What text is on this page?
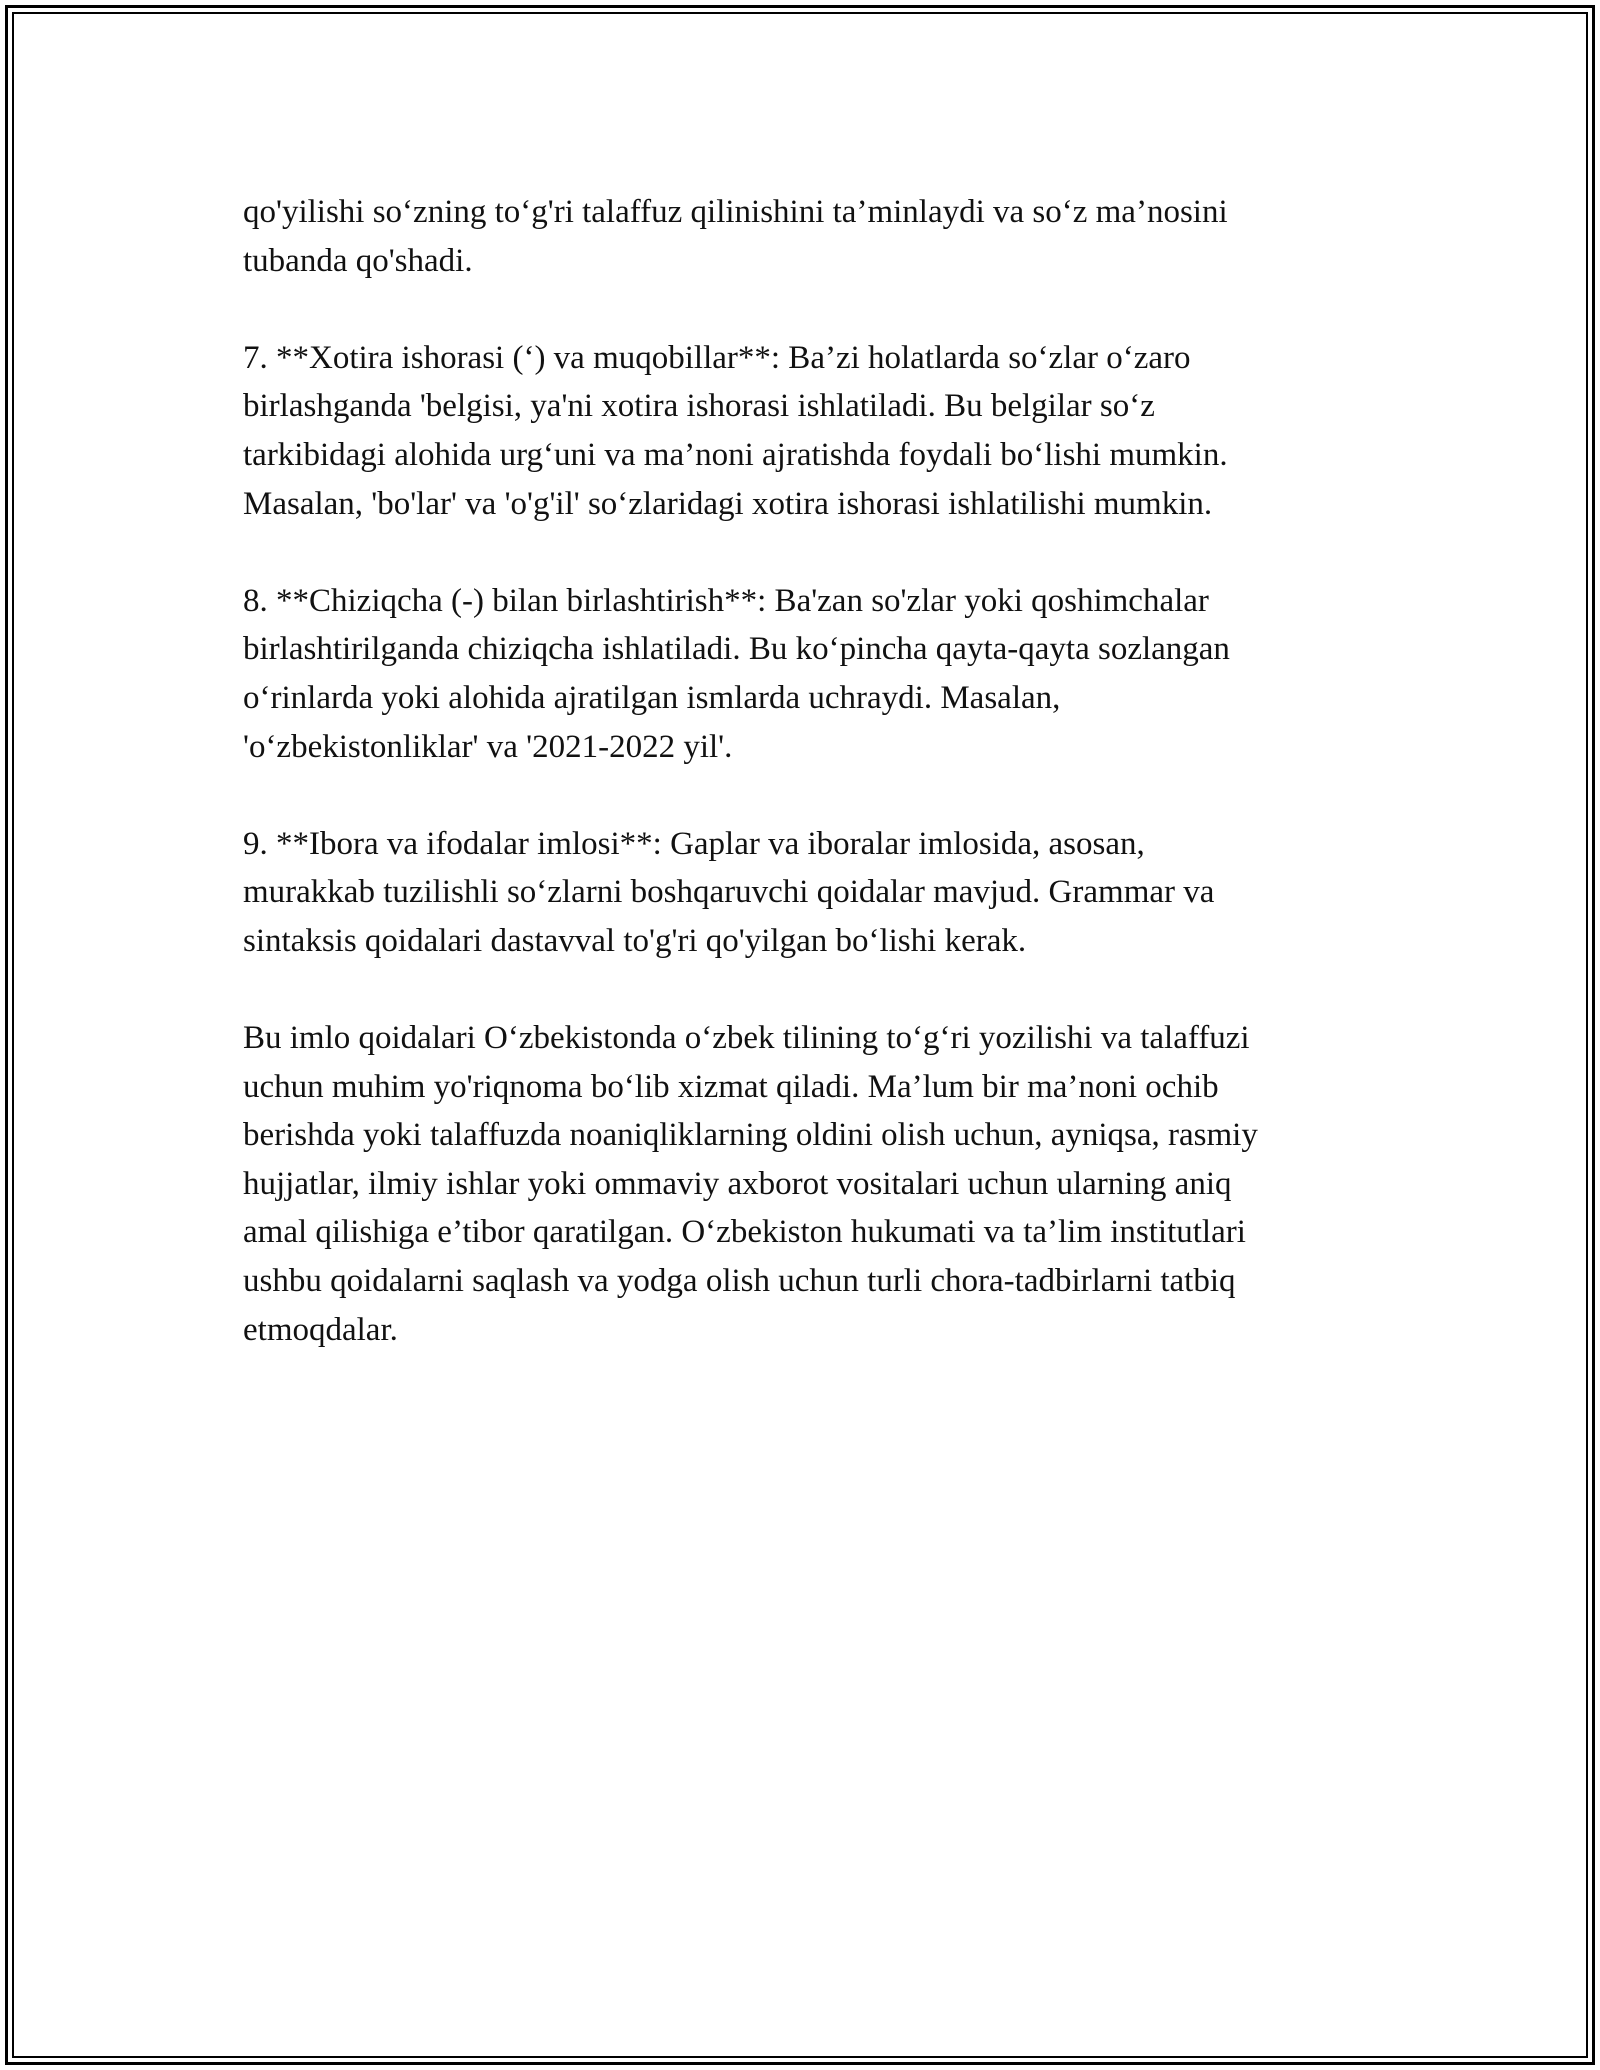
qo'yilishi so‘zning to‘g'ri talaffuz qilinishini ta’minlaydi va so‘z ma’nosini
tubanda qo'shadi.

7. **Xotira ishorasi (‘) va muqobillar**: Ba’zi holatlarda so‘zlar o‘zaro
birlashganda 'belgisi, ya'ni xotira ishorasi ishlatiladi. Bu belgilar so‘z
tarkibidagi alohida urg‘uni va ma’noni ajratishda foydali bo‘lishi mumkin.
Masalan, 'bo'lar' va 'o'g'il' so‘zlaridagi xotira ishorasi ishlatilishi mumkin.

8. **Chiziqcha (-) bilan birlashtirish**: Ba'zan so'zlar yoki qoshimchalar
birlashtirilganda chiziqcha ishlatiladi. Bu ko‘pincha qayta-qayta sozlangan
o‘rinlarda yoki alohida ajratilgan ismlarda uchraydi. Masalan,
'o‘zbekistonliklar' va '2021-2022 yil'.

9. **Ibora va ifodalar imlosi**: Gaplar va iboralar imlosida, asosan,
murakkab tuzilishli so‘zlarni boshqaruvchi qoidalar mavjud. Grammar va
sintaksis qoidalari dastavval to'g'ri qo'yilgan bo‘lishi kerak.

Bu imlo qoidalari O‘zbekistonda o‘zbek tilining to‘g‘ri yozilishi va talaffuzi
uchun muhim yo'riqnoma bo‘lib xizmat qiladi. Ma’lum bir ma’noni ochib
berishda yoki talaffuzda noaniqliklarning oldini olish uchun, ayniqsa, rasmiy
hujjatlar, ilmiy ishlar yoki ommaviy axborot vositalari uchun ularning aniq
amal qilishiga e’tibor qaratilgan. O‘zbekiston hukumati va ta’lim institutlari
ushbu qoidalarni saqlash va yodga olish uchun turli chora-tadbirlarni tatbiq
etmoqdalar.
